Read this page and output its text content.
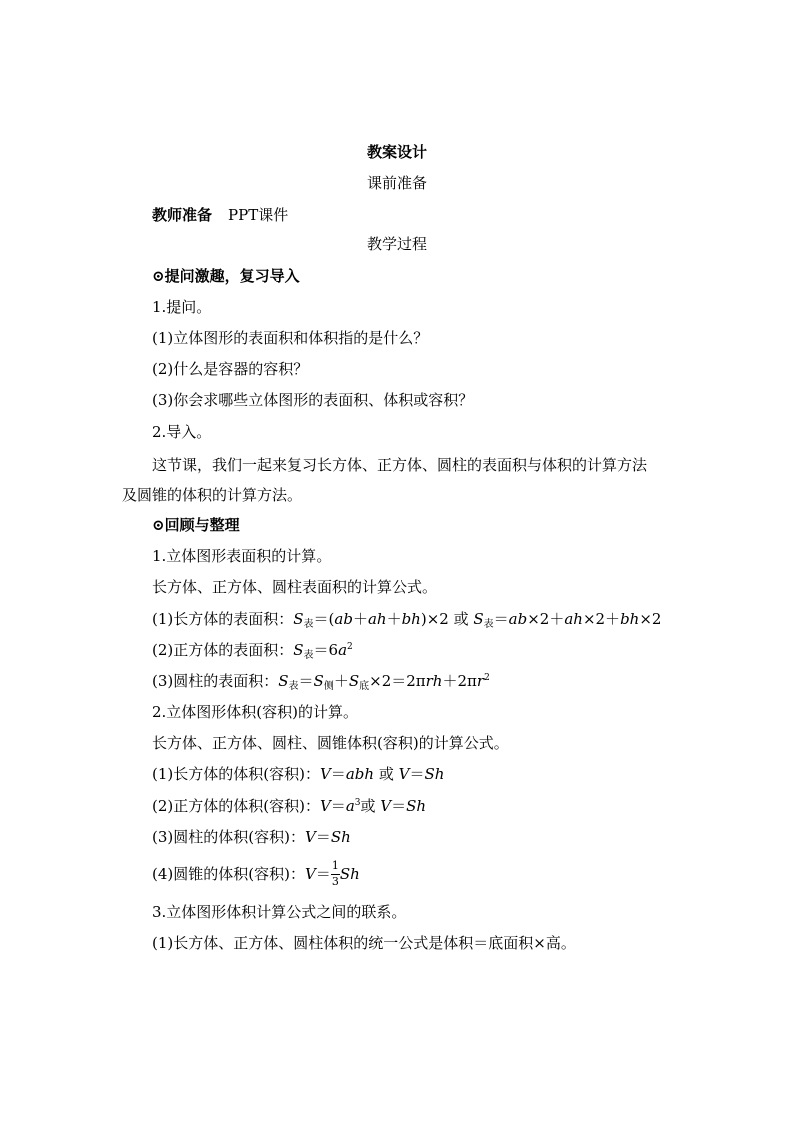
教案设计
课前准备
教师准备 PPT课件
教学过程
⊙提问激趣，复习导入
1.提问。
(1)立体图形的表面积和体积指的是什么？
(2)什么是容器的容积？
(3)你会求哪些立体图形的表面积、体积或容积？
2.导入。
这节课，我们一起来复习长方体、正方体、圆柱的表面积与体积的计算方法
及圆锥的体积的计算方法。
⊙回顾与整理
1.立体图形表面积的计算。
长方体、正方体、圆柱表面积的计算公式。
(1)长方体的表面积：$S_表=(ab+ah+bh)\times 2$ 或 $S_表=ab\times 2+ah\times 2+bh\times 2$
(2)正方体的表面积：$S_表=6a^2$
(3)圆柱的表面积：$S_表=S_侧+S_底\times 2=2\pi rh+2\pi r^2$
2.立体图形体积(容积)的计算。
长方体、正方体、圆柱、圆锥体积(容积)的计算公式。
(1)长方体的体积(容积)：V＝abh 或 V＝Sh
(2)正方体的体积(容积)：$V=a^3$或 V＝Sh
(3)圆柱的体积(容积)：V＝Sh
(4)圆锥的体积(容积)：$V= \frac{1}{3}$ Sh
3.立体图形体积计算公式之间的联系。
(1)长方体、正方体、圆柱体积的统一公式是体积＝底面积×高。
